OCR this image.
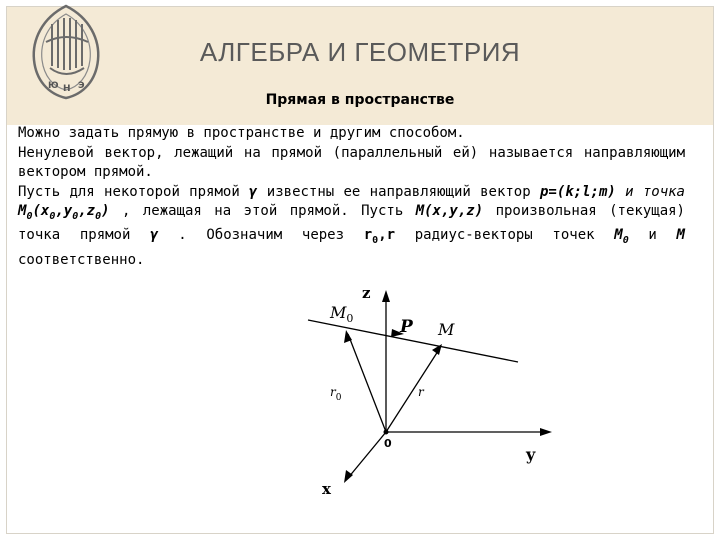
Ю Н Э
АЛГЕБРА И ГЕОМЕТРИЯ
Прямая в пространстве

Можно задать прямую в пространстве и другим способом.

Ненулевой вектор, лежащий на прямой (параллельный ей) называется направляющим вектором прямой.

Пусть для некоторой прямой γ известны ее направляющий вектор p=(k;l;m) и точка $M_0(x_0,y_0,z_0)$ , лежащая на этой прямой. Пусть M(x,y,z) произвольная (текущая) точка прямой γ . Обозначим через $r_0,r$ радиус-векторы точек $M_0$ и M соответственно.

z
y
x
0
$M_0$	P M
$r_0$	r
